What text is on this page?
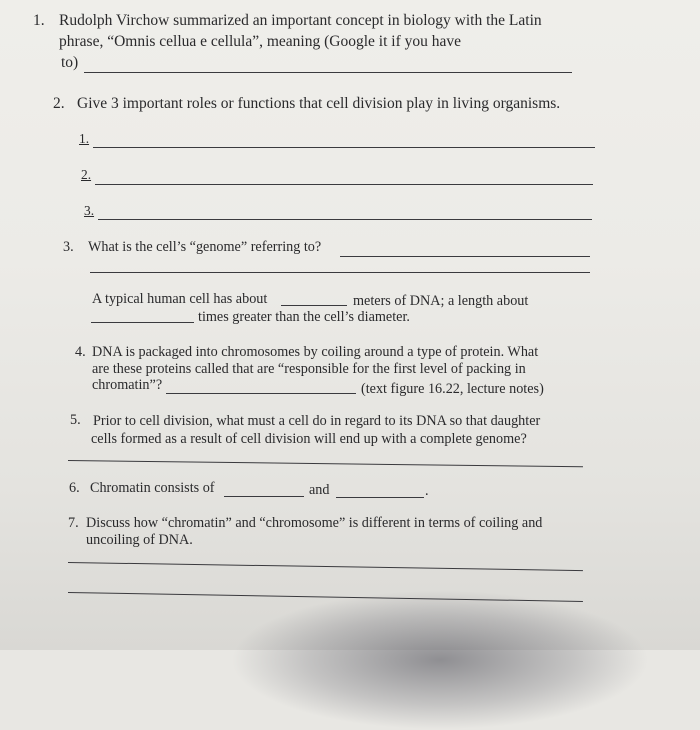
1. Rudolph Virchow summarized an important concept in biology with the Latin
phrase, “Omnis cellua e cellula”, meaning (Google it if you have
to)
2. Give 3 important roles or functions that cell division play in living organisms.
1.
2.
3.
3. What is the cell’s “genome” referring to?
A typical human cell has about	meters of DNA; a length about
times greater than the cell’s diameter.
4. DNA is packaged into chromosomes by coiling around a type of protein. What
are these proteins called that are “responsible for the first level of packing in
chromatin”?	(text figure 16.22, lecture notes)
5. Prior to cell division, what must a cell do in regard to its DNA so that daughter
cells formed as a result of cell division will end up with a complete genome?
6. Chromatin consists of	and	.
7. Discuss how “chromatin” and “chromosome” is different in terms of coiling and
uncoiling of DNA.
